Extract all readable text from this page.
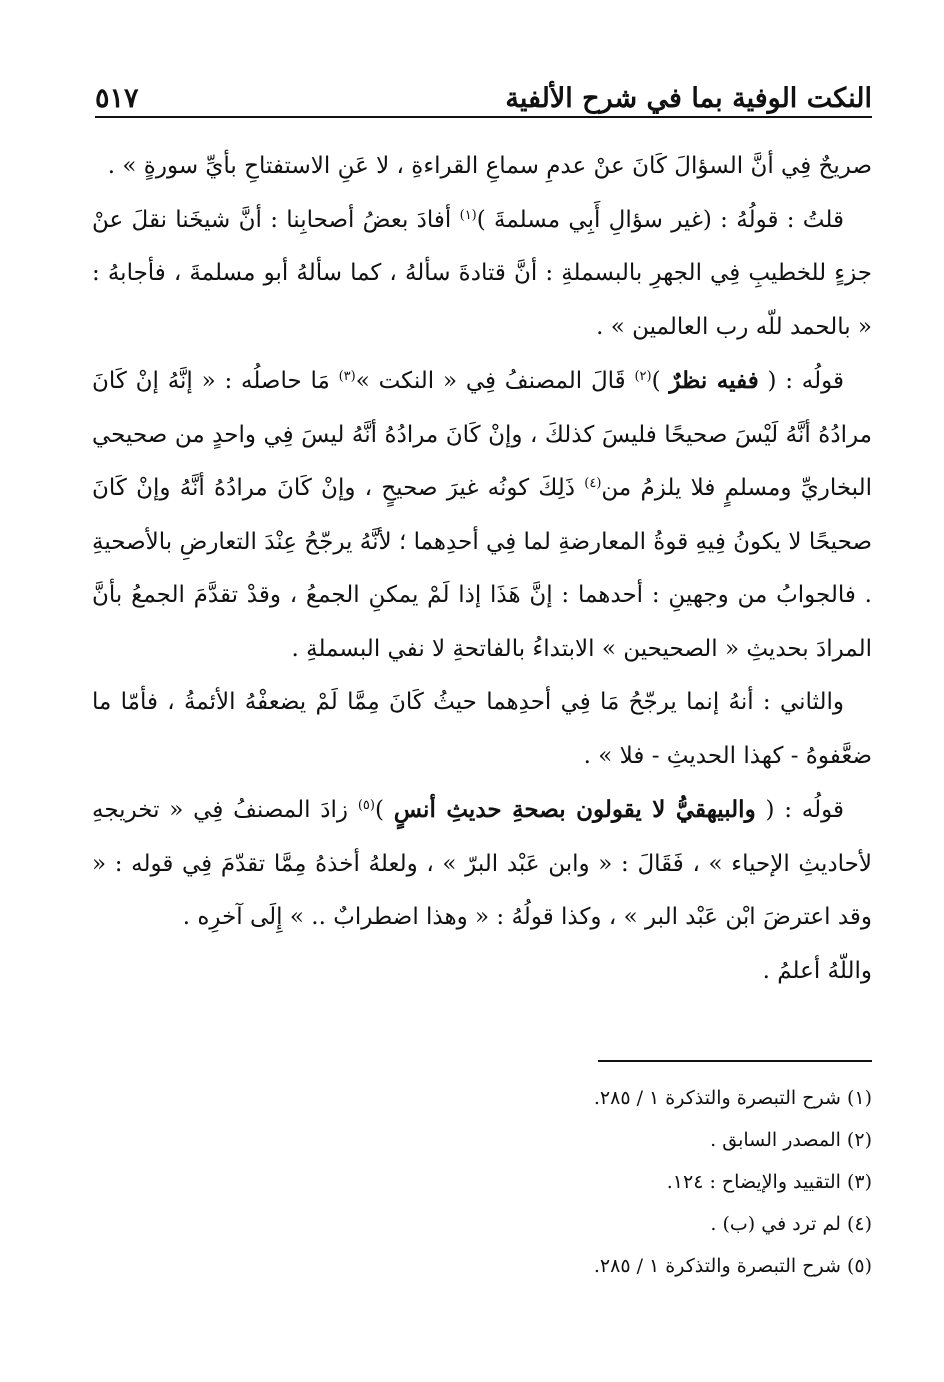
النكت الوفية بما في شرح الألفية
٥١٧

صريحٌ فِي أنَّ السؤالَ كَانَ عنْ عدمِ سماعِ القراءةِ ، لا عَنِ الاستفتاحِ بأيِّ سورةٍ » .

قلتُ : قولُهُ : (غير سؤالِ أَبِي مسلمةَ )$^{(١)}$ أفادَ بعضُ أصحابِنا : أنَّ شيخَنا نقلَ عنْ جزءٍ للخطيبِ فِي الجهرِ بالبسملةِ : أنَّ قتادةَ سألهُ ، كما سألهُ أبو مسلمةَ ، فأجابهُ : « بالحمد للّه رب العالمين » .

قولُه : ( ففيه نظرٌ )$^{(٢)}$ قَالَ المصنفُ فِي « النكت »$^{(٣)}$ مَا حاصلُه : « إنَّهُ إنْ كَانَ مرادُهُ أنَّهُ لَيْسَ صحيحًا فليسَ كذلكَ ، وإنْ كَانَ مرادُهُ أنَّهُ ليسَ فِي واحدٍ من صحيحي البخاريِّ ومسلمٍ فلا يلزمُ من$^{(٤)}$ ذَلِكَ كونُه غيرَ صحيحٍ ، وإنْ كَانَ مرادُهُ أنَّهُ وإنْ كَانَ صحيحًا لا يكونُ فِيهِ قوةُ المعارضةِ لما فِي أحدِهما ؛ لأنَّهُ يرجّحُ عِنْدَ التعارضِ بالأصحيةِ . فالجوابُ من وجهينِ : أحدهما : إنَّ هَذَا إذا لَمْ يمكنِ الجمعُ ، وقدْ تقدَّمَ الجمعُ بأنَّ المرادَ بحديثِ « الصحيحين » الابتداءُ بالفاتحةِ لا نفي البسملةِ .

والثاني : أنهُ إنما يرجّحُ مَا فِي أحدِهما حيثُ كَانَ مِمَّا لَمْ يضعفْهُ الأئمةُ ، فأمّا ما ضعَّفوهُ - كهذا الحديثِ - فلا » .

قولُه : ( والبيهقيُّ لا يقولون بصحةِ حديثِ أنسٍ )$^{(٥)}$ زادَ المصنفُ فِي « تخريجهِ لأحاديثِ الإحياء » ، فَقَالَ : « وابن عَبْد البرّ » ، ولعلهُ أخذهُ مِمَّا تقدّمَ فِي قوله : « وقد اعترضَ ابْن عَبْد البر » ، وكذا قولُهُ : « وهذا اضطرابٌ .. » إِلَى آخرِه .

واللّهُ أعلمُ .

(١) شرح التبصرة والتذكرة ١ / ٢٨٥.
(٢) المصدر السابق .
(٣) التقييد والإيضاح : ١٢٤.
(٤) لم ترد في (ب) .
(٥) شرح التبصرة والتذكرة ١ / ٢٨٥.
